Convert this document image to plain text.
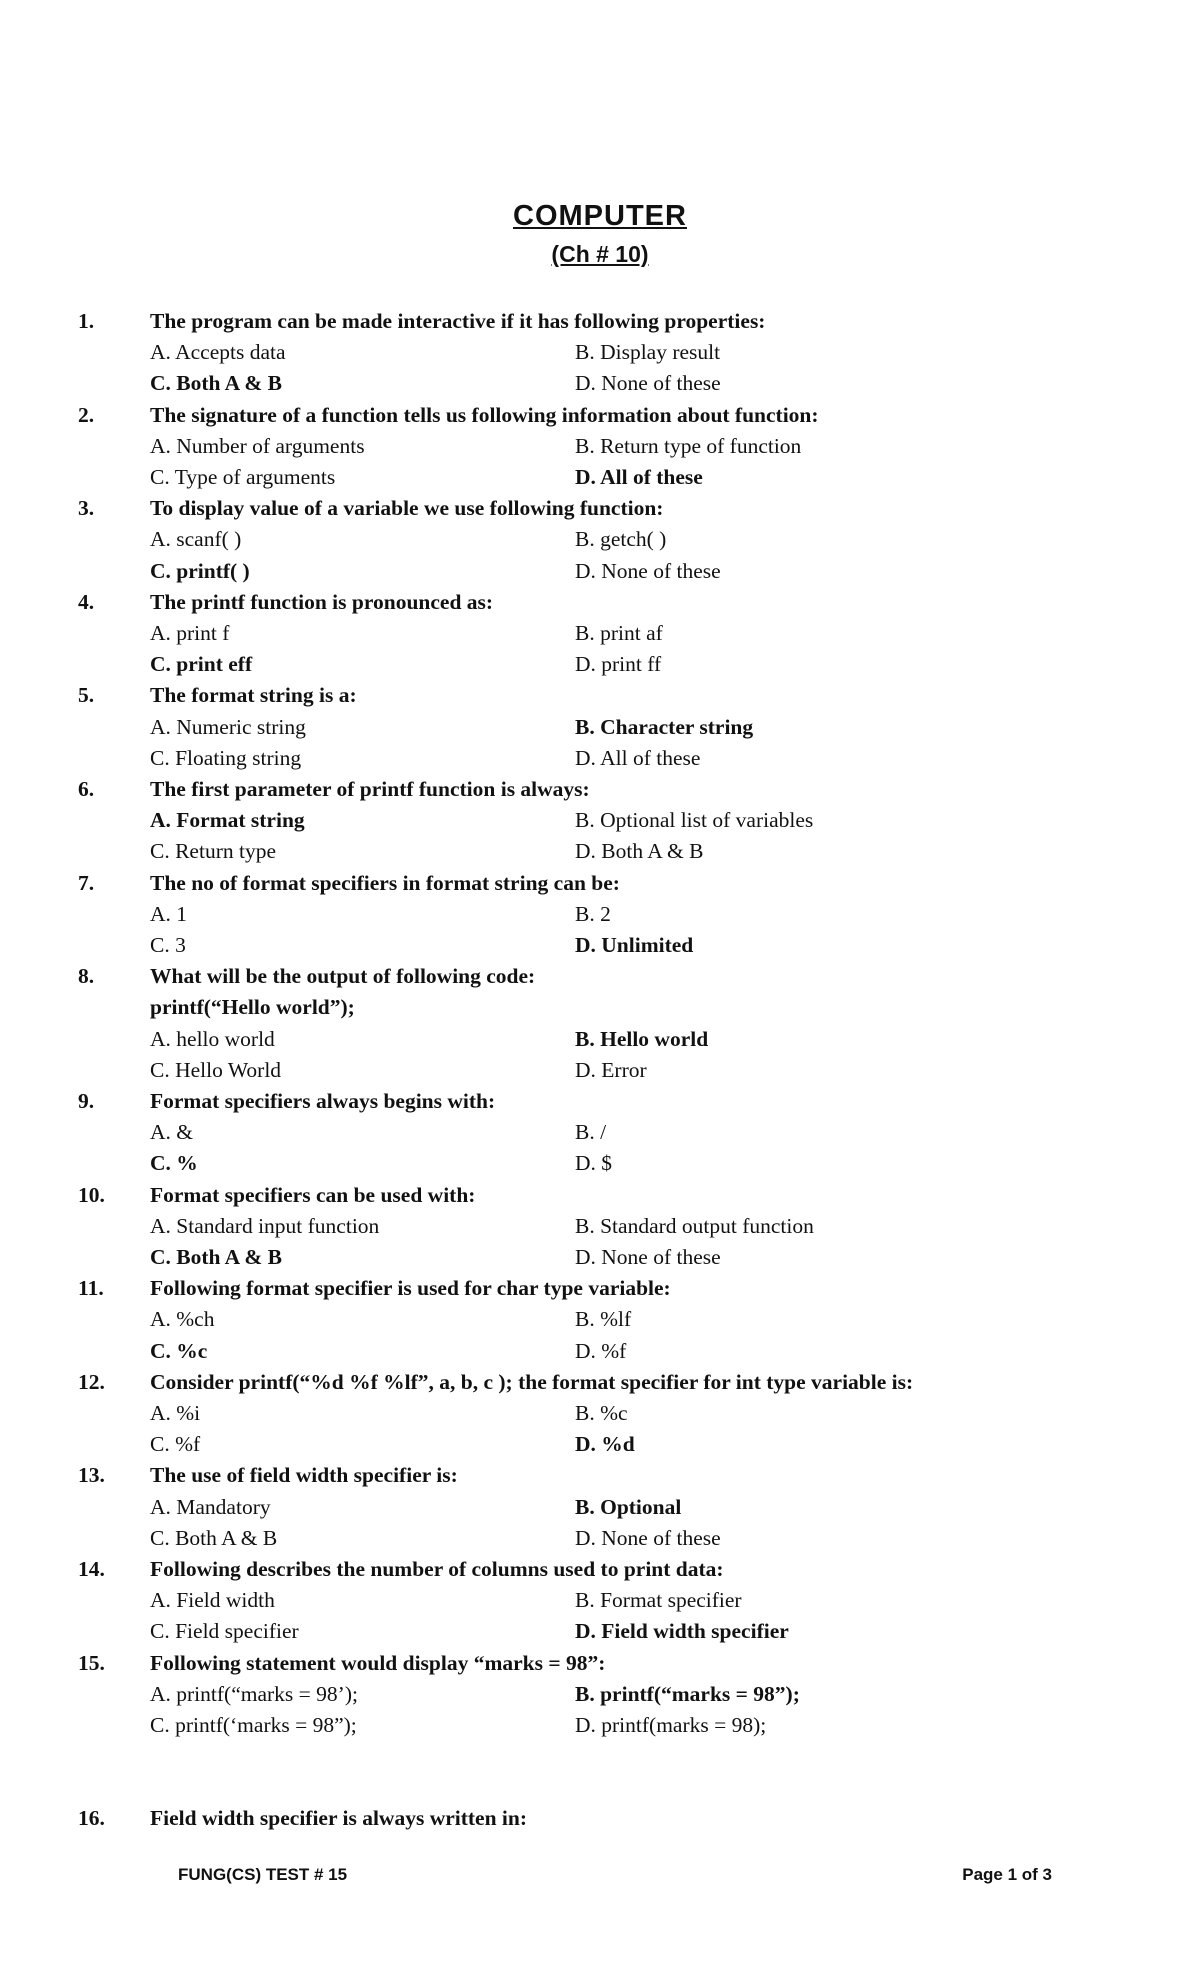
COMPUTER
(Ch # 10)
1.	The program can be made interactive if it has following properties:
A. Accepts data	B. Display result
C. Both A & B	D. None of these
2.	The signature of a function tells us following information about function:
A. Number of arguments	B. Return type of function
C. Type of arguments	D. All of these
3.	To display value of a variable we use following function:
A. scanf( )	B. getch( )
C. printf( )	D. None of these
4.	The printf function is pronounced as:
A. print f	B. print af
C. print eff	D. print ff
5.	The format string is a:
A. Numeric string	B. Character string
C. Floating string	D. All of these
6.	The first parameter of printf function is always:
A. Format string	B. Optional list of variables
C. Return type	D. Both A & B
7.	The no of format specifiers in format string can be:
A. 1	B. 2
C. 3	D. Unlimited
8.	What will be the output of following code:
printf(“Hello world”);
A. hello world	B. Hello world
C. Hello World	D. Error
9.	Format specifiers always begins with:
A. &	B. /
C. %	D. $
10.	Format specifiers can be used with:
A. Standard input function	B. Standard output function
C. Both A & B	D. None of these
11.	Following format specifier is used for char type variable:
A. %ch	B. %lf
C. %c	D. %f
12.	Consider printf(“%d %f %lf”, a, b, c ); the format specifier for int type variable is:
A. %i	B. %c
C. %f	D. %d
13.	The use of field width specifier is:
A. Mandatory	B. Optional
C. Both A & B	D. None of these
14.	Following describes the number of columns used to print data:
A. Field width	B. Format specifier
C. Field specifier	D. Field width specifier
15.	Following statement would display “marks = 98”:
A. printf(“marks = 98’);	B. printf(“marks = 98”);
C. printf(‘marks = 98”);	D. printf(marks = 98);
16.	Field width specifier is always written in:
FUNG(CS) TEST # 15	Page 1 of 3
